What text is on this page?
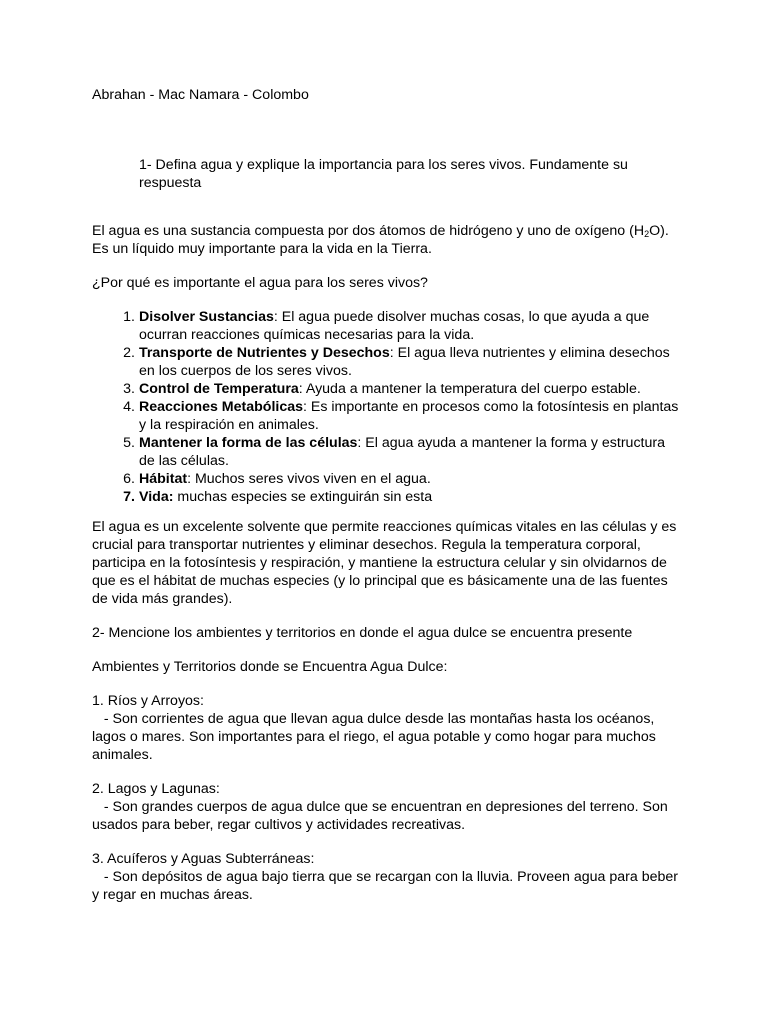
Abrahan - Mac Namara - Colombo

1- Defina agua y explique la importancia para los seres vivos. Fundamente su respuesta

El agua es una sustancia compuesta por dos átomos de hidrógeno y uno de oxígeno $(H_2O)$. Es un líquido muy importante para la vida en la Tierra.

¿Por qué es importante el agua para los seres vivos?

1. Disolver Sustancias: El agua puede disolver muchas cosas, lo que ayuda a que ocurran reacciones químicas necesarias para la vida.
2. Transporte de Nutrientes y Desechos: El agua lleva nutrientes y elimina desechos en los cuerpos de los seres vivos.
3. Control de Temperatura: Ayuda a mantener la temperatura del cuerpo estable.
4. Reacciones Metabólicas: Es importante en procesos como la fotosíntesis en plantas y la respiración en animales.
5. Mantener la forma de las células: El agua ayuda a mantener la forma y estructura de las células.
6. Hábitat: Muchos seres vivos viven en el agua.
7. Vida: muchas especies se extinguirán sin esta

El agua es un excelente solvente que permite reacciones químicas vitales en las células y es crucial para transportar nutrientes y eliminar desechos. Regula la temperatura corporal, participa en la fotosíntesis y respiración, y mantiene la estructura celular y sin olvidarnos de que es el hábitat de muchas especies (y lo principal que es básicamente una de las fuentes de vida más grandes).

2- Mencione los ambientes y territorios en donde el agua dulce se encuentra presente

Ambientes y Territorios donde se Encuentra Agua Dulce:

1. Ríos y Arroyos:

- Son corrientes de agua que llevan agua dulce desde las montañas hasta los océanos, lagos o mares. Son importantes para el riego, el agua potable y como hogar para muchos animales.

2. Lagos y Lagunas:

- Son grandes cuerpos de agua dulce que se encuentran en depresiones del terreno. Son usados para beber, regar cultivos y actividades recreativas.

3. Acuíferos y Aguas Subterráneas:

- Son depósitos de agua bajo tierra que se recargan con la lluvia. Proveen agua para beber y regar en muchas áreas.
